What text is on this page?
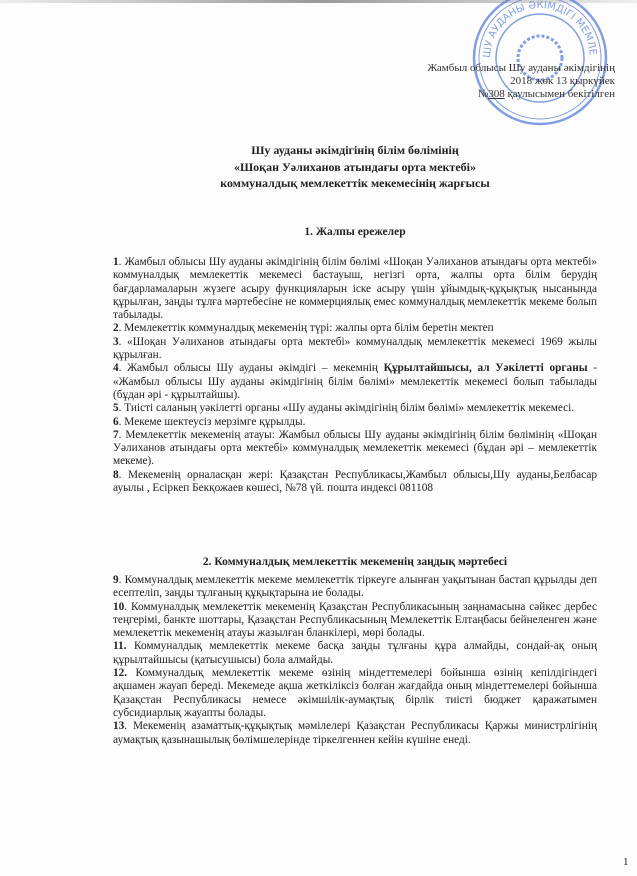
ШУ АУДАНЫ ӘКІМДІГІ МЕМЛЕ
Жамбыл облысы Шу ауданы әкімдігінің
2018 жөк 13 қыркүйек
№308 қаулысымен бекітілген
Шу ауданы әкімдігінің білім бөлімінің
«Шоқан Уәлиханов атындағы орта мектебі»
коммуналдық мемлекеттік мекемесінің жарғысы
1. Жалпы ережелер

1. Жамбыл облысы Шу ауданы әкімдігінің білім бөлімі «Шоқан Уәлиханов атындағы орта мектебі» коммуналдық мемлекеттік мекемесі бастауыш, негізгі орта, жалпы орта білім берудің бағдарламаларын жүзеге асыру функцияларын іске асыру үшін ұйымдық-құқықтық нысанында құрылған, заңды тұлға мәртебесіне не коммерциялық емес коммуналдық мемлекеттік мекеме болып табылады.

2. Мемлекеттік коммуналдық мекеменің түрі: жалпы орта білім беретін мектеп

3. «Шоқан Уәлиханов атындағы орта мектебі» коммуналдық мемлекеттік мекемесі 1969 жылы құрылған.

4. Жамбыл облысы Шу ауданы әкімдігі – мекемнің Құрылтайшысы, ал Уәкілетті органы - «Жамбыл облысы Шу ауданы әкімдігінің білім бөлімі» мемлекеттік мекемесі болып табылады (бұдан әрі - құрылтайшы).

5. Тиісті саланың уәкілетті органы «Шу ауданы әкімдігінің білім бөлімі» мемлекеттік мекемесі.

6. Мекеме шектеусіз мерзімге құрылды.

7. Мемлекеттік мекеменің атауы: Жамбыл облысы Шу ауданы әкімдігінің білім бөлімінің «Шоқан Уәлиханов атындағы орта мектебі» коммуналдық мемлекеттік мекемесі (бұдан әрі – мемлекеттік мекеме).

8. Мекеменің орналасқан жері: Қазақстан Республикасы,Жамбыл облысы,Шу ауданы,Белбасар ауылы , Есіркеп Бекқожаев көшесі, №78 үй. пошта индексі 081108

2. Коммуналдық мемлекеттік мекеменің заңдық мәртебесі

9. Коммуналдық мемлекеттік мекеме мемлекеттік тіркеуге алынған уақытынан бастап құрылды деп есептеліп, заңды тұлғаның құқықтарына ие болады.

10. Коммуналдық мемлекеттік мекеменің Қазақстан Республикасының заңнамасына сәйкес дербес теңгерімі, банкте шоттары, Қазақстан Республикасының Мемлекеттік Елтаңбасы бейнеленген және мемлекеттік мекеменің атауы жазылған бланкілері, мөрі болады.

11. Коммуналдық мемлекеттік мекеме басқа заңды тұлғаны құра алмайды, сондай-ақ оның құрылтайшысы (қатысушысы) бола алмайды.

12. Коммуналдық мемлекеттік мекеме өзінің міндеттемелері бойынша өзінің кепілдігіндегі ақшамен жауап береді. Мекемеде ақша жеткіліксіз болған жағдайда оның міндеттемелері бойынша Қазақстан Республикасы немесе әкімшілік-аумақтық бірлік тиісті бюджет қаражатымен субсидиарлық жауапты болады.

13. Мекеменің азаматтық-құқықтық мәмілелері Қазақстан Республикасы Қаржы министрлігінің аумақтық қазынашылық бөлімшелерінде тіркелгеннен кейін күшіне енеді.

1
